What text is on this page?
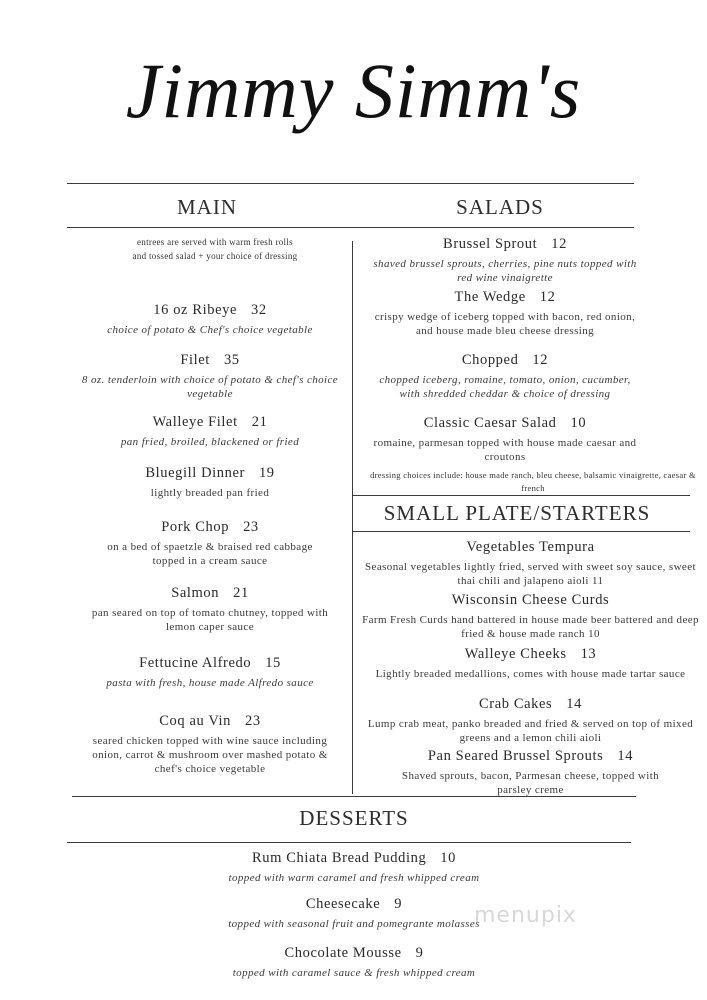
Jimmy Simm's
MAIN	SALADS
SMALL PLATE/STARTERS
DESSERTS
entrees are served with warm fresh rolls
and tossed salad + your choice of dressing
16 oz Ribeye 32
choice of potato & Chef's choice vegetable
Filet 35
8 oz. tenderloin with choice of potato & chef's choice vegetable
Walleye Filet 21
pan fried, broiled, blackened or fried
Bluegill Dinner 19
lightly breaded pan fried
Pork Chop 23
on a bed of spaetzle & braised red cabbage topped in a cream sauce
Salmon 21
pan seared on top of tomato chutney, topped with lemon caper sauce
Fettucine Alfredo 15
pasta with fresh, house made Alfredo sauce
Coq au Vin 23
seared chicken topped with wine sauce including onion, carrot & mushroom over mashed potato & chef's choice vegetable
Brussel Sprout 12
shaved brussel sprouts, cherries, pine nuts topped with red wine vinaigrette
The Wedge 12
crispy wedge of iceberg topped with bacon, red onion, and house made bleu cheese dressing
Chopped 12
chopped iceberg, romaine, tomato, onion, cucumber, with shredded cheddar & choice of dressing
Classic Caesar Salad 10
romaine, parmesan topped with house made caesar and croutons
dressing choices include: house made ranch, bleu cheese, balsamic vinaigrette, caesar & french
Vegetables Tempura
Seasonal vegetables lightly fried, served with sweet soy sauce, sweet thai chili and jalapeno aioli 11
Wisconsin Cheese Curds
Farm Fresh Curds hand battered in house made beer battered and deep fried & house made ranch 10
Walleye Cheeks 13
Lightly breaded medallions, comes with house made tartar sauce
Crab Cakes 14
Lump crab meat, panko breaded and fried & served on top of mixed greens and a lemon chili aioli
Pan Seared Brussel Sprouts 14
Shaved sprouts, bacon, Parmesan cheese, topped with parsley creme
Rum Chiata Bread Pudding 10
topped with warm caramel and fresh whipped cream
Cheesecake 9
topped with seasonal fruit and pomegrante molasses
Chocolate Mousse 9
topped with caramel sauce & fresh whipped cream
menupix
